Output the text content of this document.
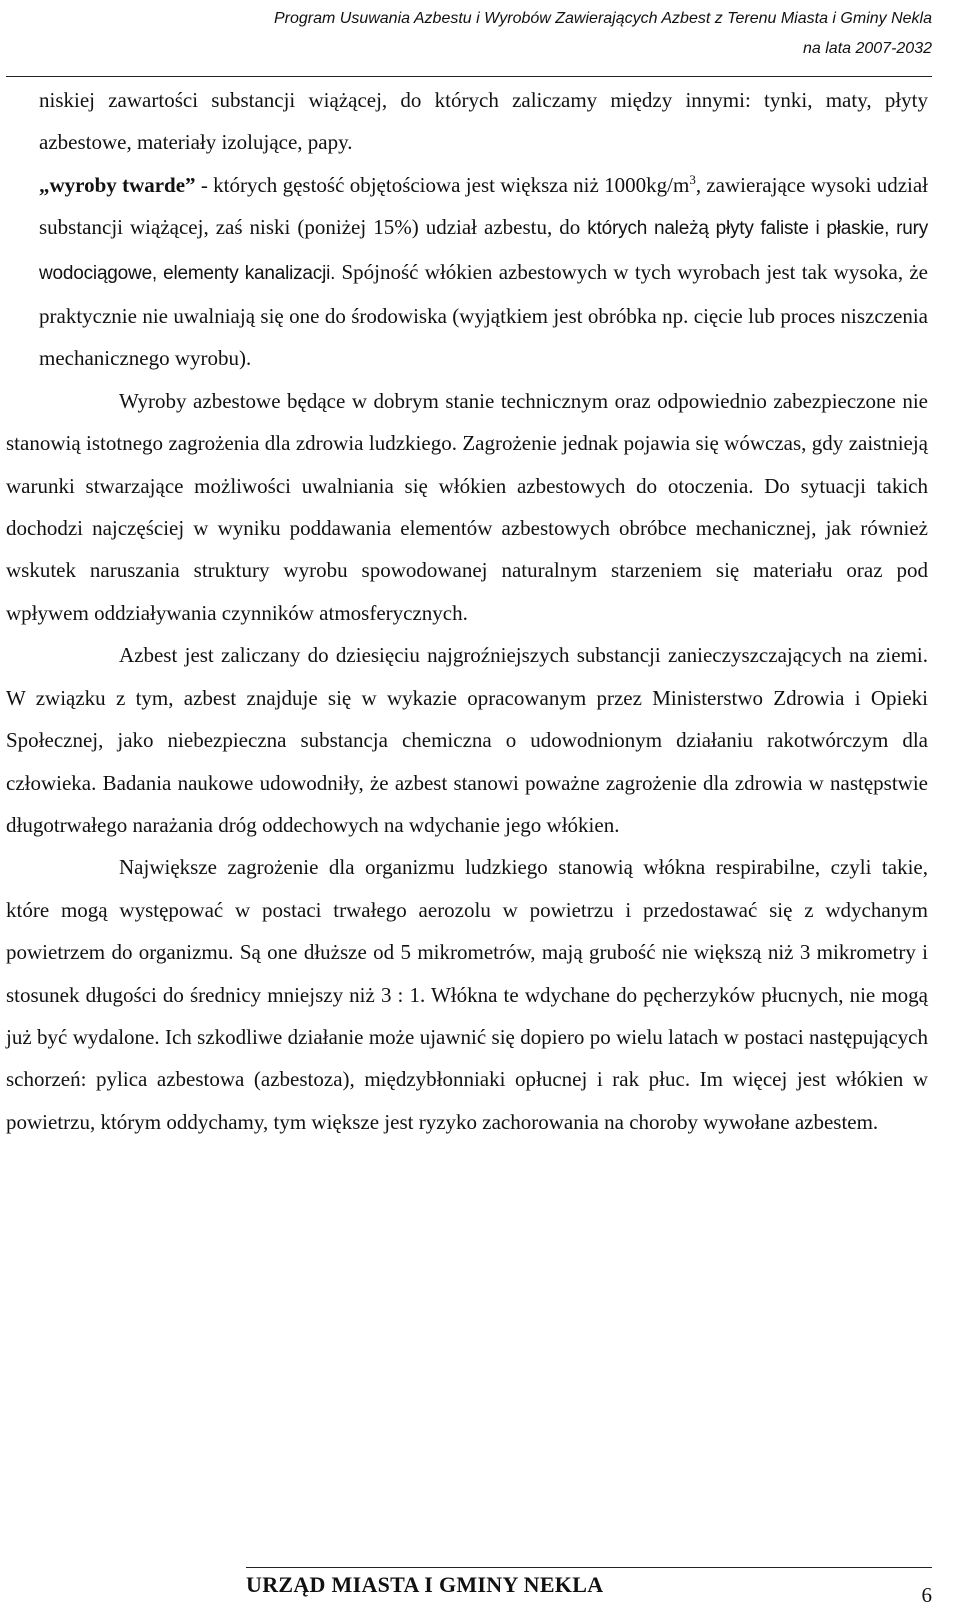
Program Usuwania Azbestu i Wyrobów Zawierających Azbest z Terenu Miasta i Gminy Nekla
na lata 2007-2032

niskiej zawartości substancji wiążącej, do których zaliczamy między innymi: tynki, maty, płyty azbestowe, materiały izolujące, papy.

„wyroby twarde” - których gęstość objętościowa jest większa niż $1000kg/m^3$, zawierające wysoki udział substancji wiążącej, zaś niski (poniżej 15%) udział azbestu, do których należą płyty faliste i płaskie, rury wodociągowe, elementy kanalizacji. Spójność włókien azbestowych w tych wyrobach jest tak wysoka, że praktycznie nie uwalniają się one do środowiska (wyjątkiem jest obróbka np. cięcie lub proces niszczenia mechanicznego wyrobu).

Wyroby azbestowe będące w dobrym stanie technicznym oraz odpowiednio zabezpieczone nie stanowią istotnego zagrożenia dla zdrowia ludzkiego. Zagrożenie jednak pojawia się wówczas, gdy zaistnieją warunki stwarzające możliwości uwalniania się włókien azbestowych do otoczenia. Do sytuacji takich dochodzi najczęściej w wyniku poddawania elementów azbestowych obróbce mechanicznej, jak również wskutek naruszania struktury wyrobu spowodowanej naturalnym starzeniem się materiału oraz pod wpływem oddziaływania czynników atmosferycznych.

Azbest jest zaliczany do dziesięciu najgroźniejszych substancji zanieczyszczających na ziemi. W związku z tym, azbest znajduje się w wykazie opracowanym przez Ministerstwo Zdrowia i Opieki Społecznej, jako niebezpieczna substancja chemiczna o udowodnionym działaniu rakotwórczym dla człowieka. Badania naukowe udowodniły, że azbest stanowi poważne zagrożenie dla zdrowia w następstwie długotrwałego narażania dróg oddechowych na wdychanie jego włókien.

Największe zagrożenie dla organizmu ludzkiego stanowią włókna respirabilne, czyli takie, które mogą występować w postaci trwałego aerozolu w powietrzu i przedostawać się z wdychanym powietrzem do organizmu. Są one dłuższe od 5 mikrometrów, mają grubość nie większą niż 3 mikrometry i stosunek długości do średnicy mniejszy niż 3 : 1. Włókna te wdychane do pęcherzyków płucnych, nie mogą już być wydalone. Ich szkodliwe działanie może ujawnić się dopiero po wielu latach w postaci następujących schorzeń: pylica azbestowa (azbestoza), międzybłonniaki opłucnej i rak płuc. Im więcej jest włókien w powietrzu, którym oddychamy, tym większe jest ryzyko zachorowania na choroby wywołane azbestem.

URZĄD MIASTA I GMINY NEKLA	6
